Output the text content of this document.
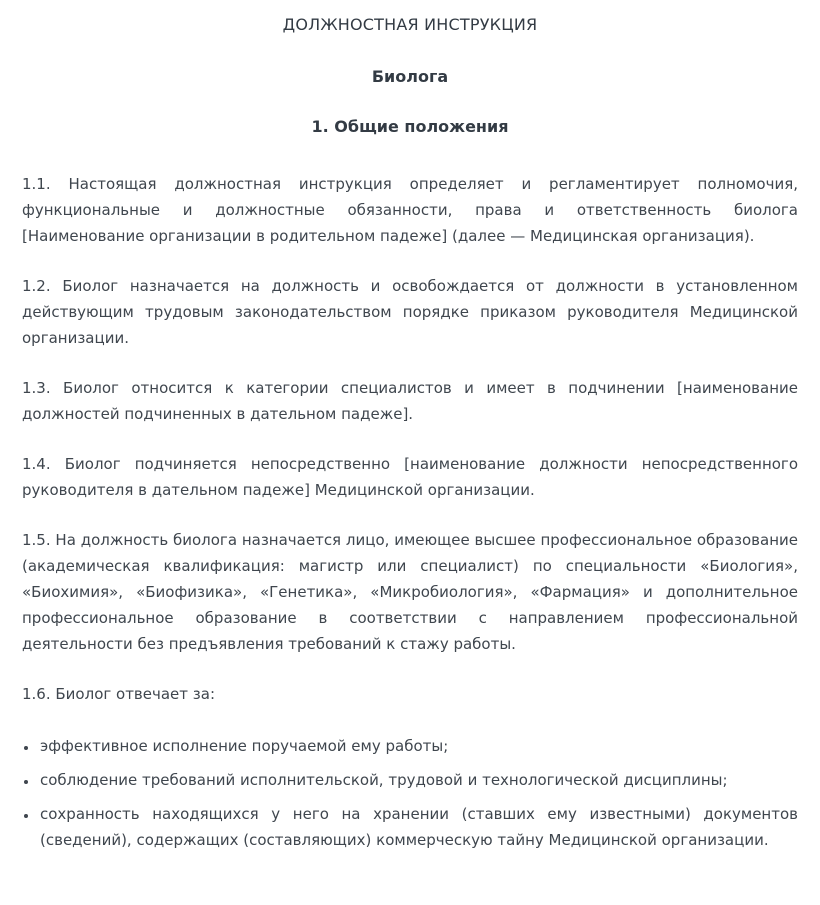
ДОЛЖНОСТНАЯ ИНСТРУКЦИЯ
Биолога
1. Общие положения

1.1. Настоящая должностная инструкция определяет и регламентирует полномочия, функциональные и должностные обязанности, права и ответственность биолога [Наименование организации в родительном падеже] (далее — Медицинская организация).

1.2. Биолог назначается на должность и освобождается от должности в установленном действующим трудовым законодательством порядке приказом руководителя Медицинской организации.

1.3. Биолог относится к категории специалистов и имеет в подчинении [наименование должностей подчиненных в дательном падеже].

1.4. Биолог подчиняется непосредственно [наименование должности непосредственного руководителя в дательном падеже] Медицинской организации.

1.5. На должность биолога назначается лицо, имеющее высшее профессиональное образование (академическая квалификация: магистр или специалист) по специальности «Биология», «Биохимия», «Биофизика», «Генетика», «Микробиология», «Фармация» и дополнительное профессиональное образование в соответствии с направлением профессиональной деятельности без предъявления требований к стажу работы.

1.6. Биолог отвечает за:

• эффективное исполнение поручаемой ему работы;
• соблюдение требований исполнительской, трудовой и технологической дисциплины;
• сохранность находящихся у него на хранении (ставших ему известными) документов (сведений), содержащих (составляющих) коммерческую тайну Медицинской организации.
